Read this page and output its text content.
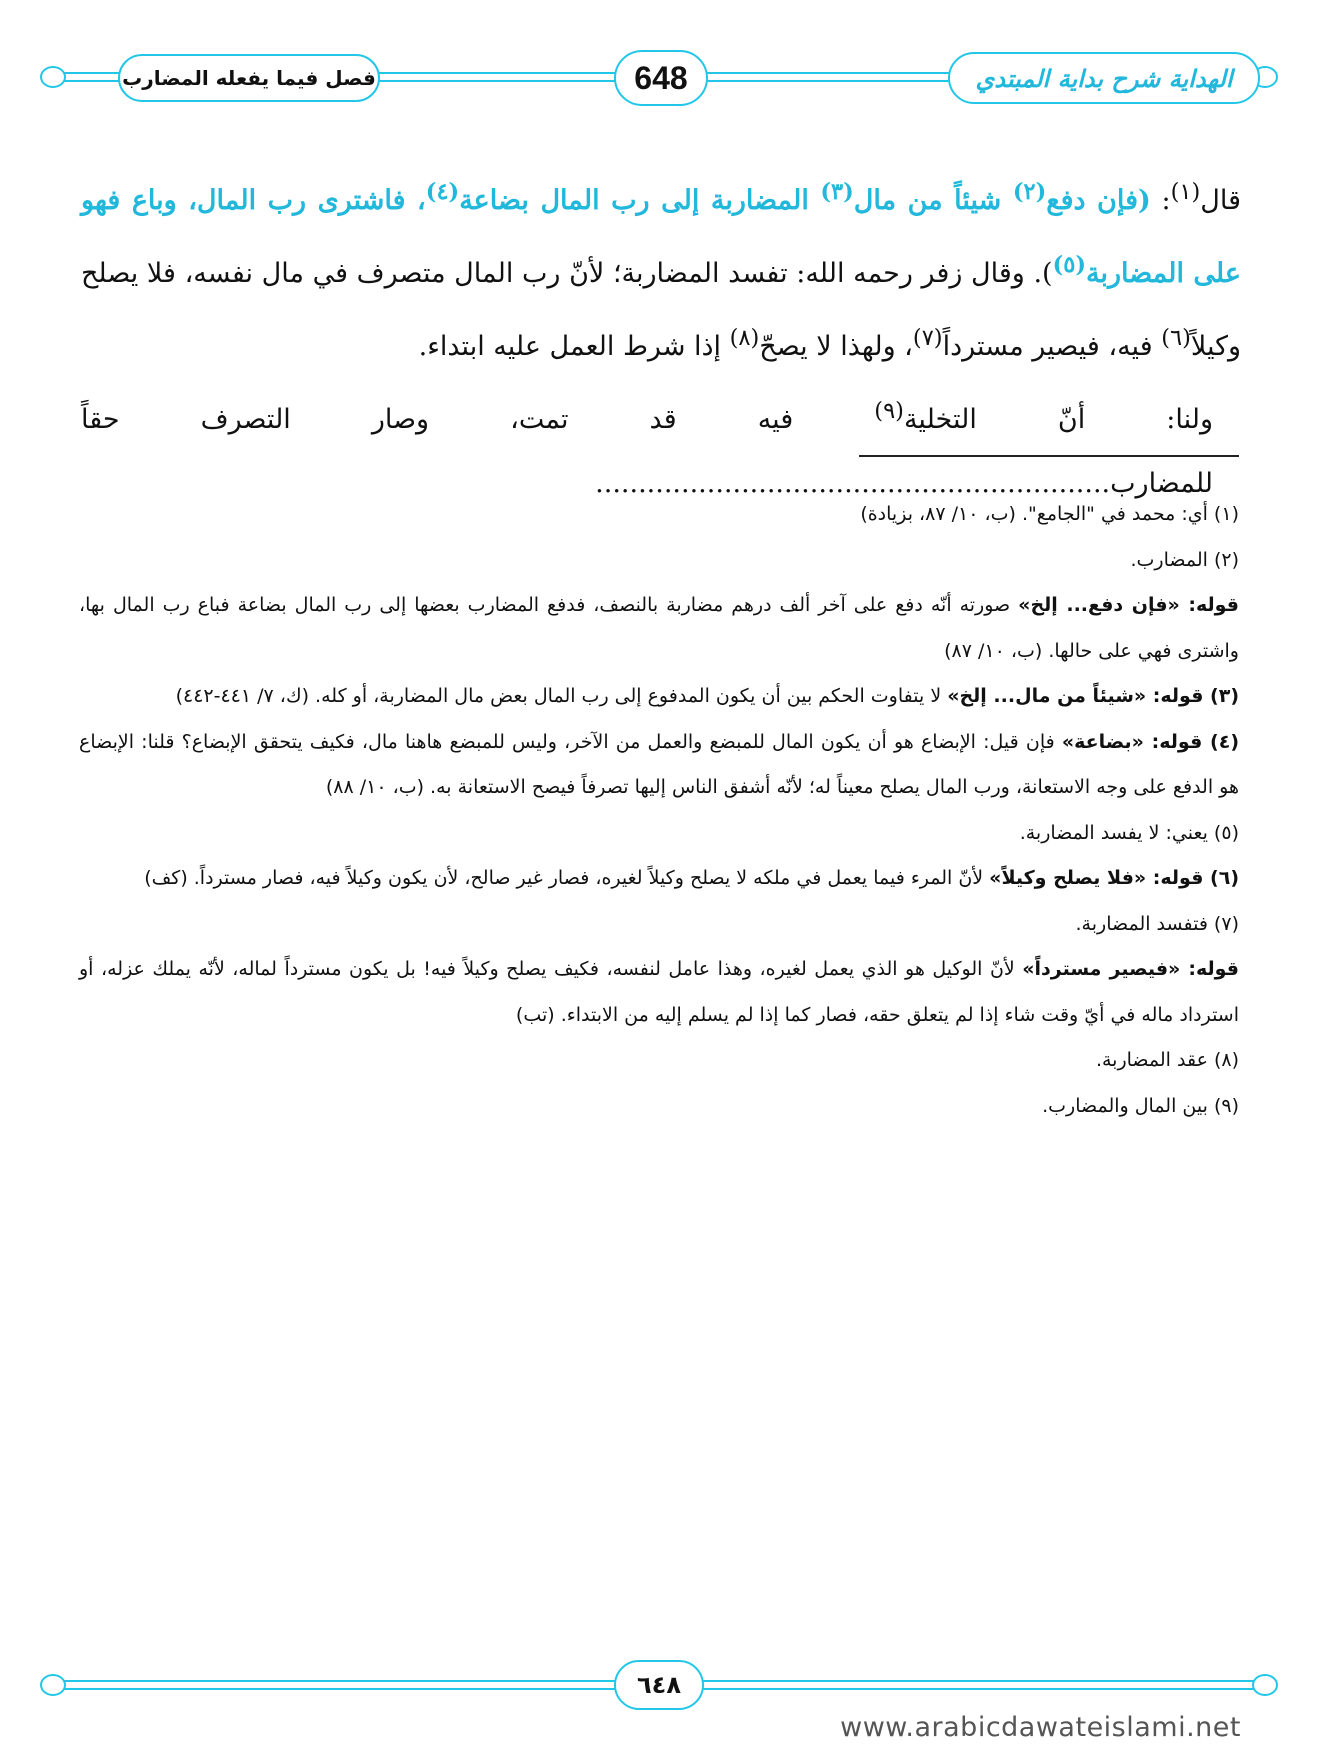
الهداية شرح بداية المبتدي
648
فصل فيما يفعله المضارب

قال$^{(١)}$: (فإن دفع$^{(٢)}$ شيئاً من مال$^{(٣)}$ المضاربة إلى رب المال بضاعة$^{(٤)}$، فاشترى رب المال، وباع فهو على المضاربة$^{(٥)}$). وقال زفر رحمه الله: تفسد المضاربة؛ لأنّ رب المال متصرف في مال نفسه، فلا يصلح وكيلاً$^{(٦)}$ فيه، فيصير مسترداً$^{(٧)}$، ولهذا لا يصحّ$^{(٨)}$ إذا شرط العمل عليه ابتداء.

ولنا: أنّ التخلية$^{(٩)}$ فيه قد تمت، وصار التصرف حقاً للمضارب............................................................

(١) أي: محمد في "الجامع". (ب، ١٠/ ٨٧، بزيادة)

(٢) المضارب.

قوله: «فإن دفع... إلخ» صورته أنّه دفع على آخر ألف درهم مضاربة بالنصف، فدفع المضارب بعضها إلى رب المال بضاعة فباع رب المال بها، واشترى فهي على حالها. (ب، ١٠/ ٨٧)

(٣) قوله: «شيئاً من مال... إلخ» لا يتفاوت الحكم بين أن يكون المدفوع إلى رب المال بعض مال المضاربة، أو كله. (ك، ٧/ ٤٤١-٤٤٢)

(٤) قوله: «بضاعة» فإن قيل: الإبضاع هو أن يكون المال للمبضع والعمل من الآخر، وليس للمبضع هاهنا مال، فكيف يتحقق الإبضاع؟ قلنا: الإبضاع هو الدفع على وجه الاستعانة، ورب المال يصلح معيناً له؛ لأنّه أشفق الناس إليها تصرفاً فيصح الاستعانة به. (ب، ١٠/ ٨٨)

(٥) يعني: لا يفسد المضاربة.

(٦) قوله: «فلا يصلح وكيلاً» لأنّ المرء فيما يعمل في ملكه لا يصلح وكيلاً لغيره، فصار غير صالح، لأن يكون وكيلاً فيه، فصار مسترداً. (كف)

(٧) فتفسد المضاربة.

قوله: «فيصير مسترداً» لأنّ الوكيل هو الذي يعمل لغيره، وهذا عامل لنفسه، فكيف يصلح وكيلاً فيه! بل يكون مسترداً لماله، لأنّه يملك عزله، أو استرداد ماله في أيّ وقت شاء إذا لم يتعلق حقه، فصار كما إذا لم يسلم إليه من الابتداء. (تب)

(٨) عقد المضاربة.

(٩) بين المال والمضارب.

٦٤٨
www.arabicdawateislami.net
